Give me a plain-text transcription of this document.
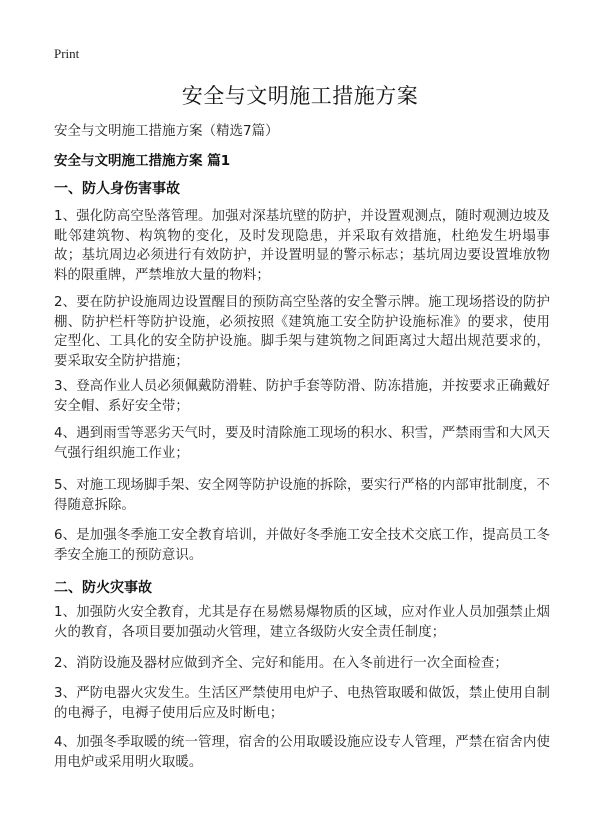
Print
安全与文明施工措施方案
安全与文明施工措施方案（精选7篇）
安全与文明施工措施方案 篇1
一、防人身伤害事故
1、强化防高空坠落管理。加强对深基坑壁的防护，并设置观测点，随时观测边坡及毗邻建筑物、构筑物的变化，及时发现隐患，并采取有效措施，杜绝发生坍塌事故；基坑周边必须进行有效防护，并设置明显的警示标志；基坑周边要设置堆放物料的限重牌，严禁堆放大量的物料；
2、要在防护设施周边设置醒目的预防高空坠落的安全警示牌。施工现场搭设的防护棚、防护栏杆等防护设施，必须按照《建筑施工安全防护设施标准》的要求，使用定型化、工具化的安全防护设施。脚手架与建筑物之间距离过大超出规范要求的，要采取安全防护措施；
3、登高作业人员必须佩戴防滑鞋、防护手套等防滑、防冻措施，并按要求正确戴好安全帽、系好安全带；
4、遇到雨雪等恶劣天气时，要及时清除施工现场的积水、积雪，严禁雨雪和大风天气强行组织施工作业；
5、对施工现场脚手架、安全网等防护设施的拆除，要实行严格的内部审批制度，不得随意拆除。
6、是加强冬季施工安全教育培训，并做好冬季施工安全技术交底工作，提高员工冬季安全施工的预防意识。
二、防火灾事故
1、加强防火安全教育，尤其是存在易燃易爆物质的区域，应对作业人员加强禁止烟火的教育，各项目要加强动火管理，建立各级防火安全责任制度；
2、消防设施及器材应做到齐全、完好和能用。在入冬前进行一次全面检查；
3、严防电器火灾发生。生活区严禁使用电炉子、电热管取暖和做饭，禁止使用自制的电褥子，电褥子使用后应及时断电；
4、加强冬季取暖的统一管理，宿舍的公用取暖设施应设专人管理，严禁在宿舍内使用电炉或采用明火取暖。
